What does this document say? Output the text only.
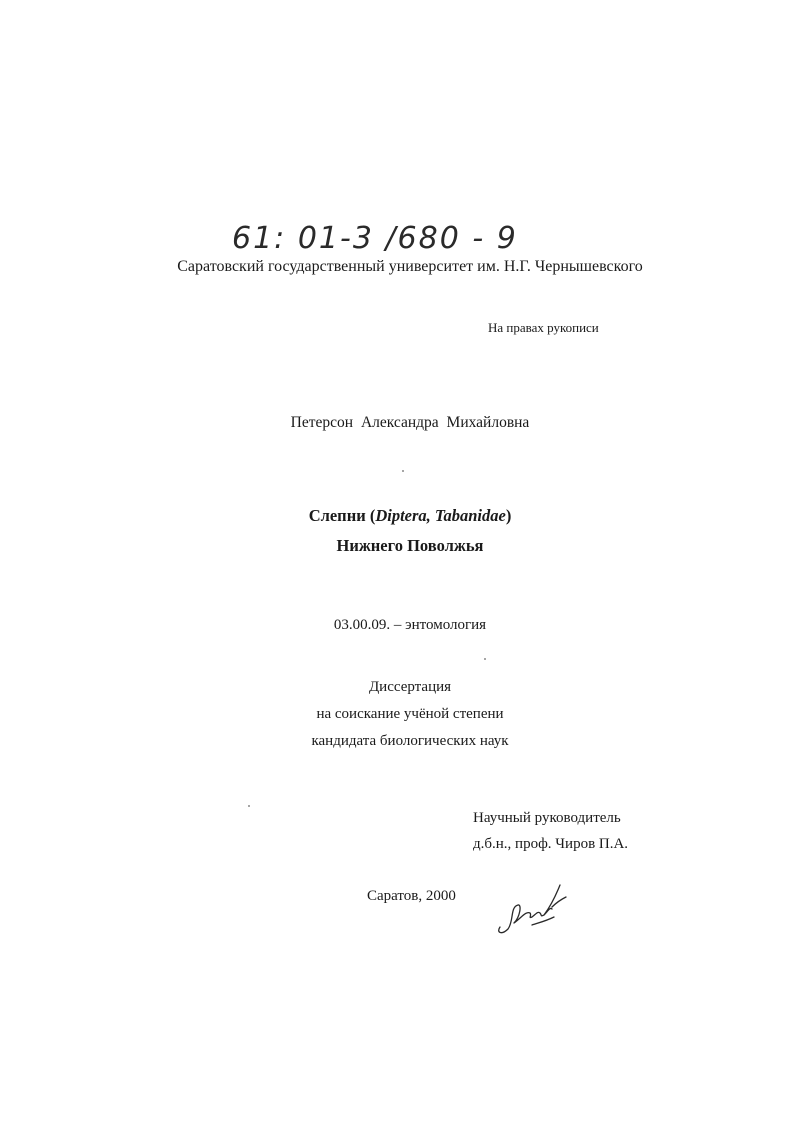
61: 01-3 /680 - 9
Саратовский государственный университет им. Н.Г. Чернышевского
На правах рукописи
Петерсон Александра Михайловна
Слепни (Diptera, Tabanidae)
Нижнего Поволжья
03.00.09. – энтомология
Диссертация
на соискание учёной степени
кандидата биологических наук
Научный руководитель
д.б.н., проф. Чиров П.А.
Саратов, 2000
